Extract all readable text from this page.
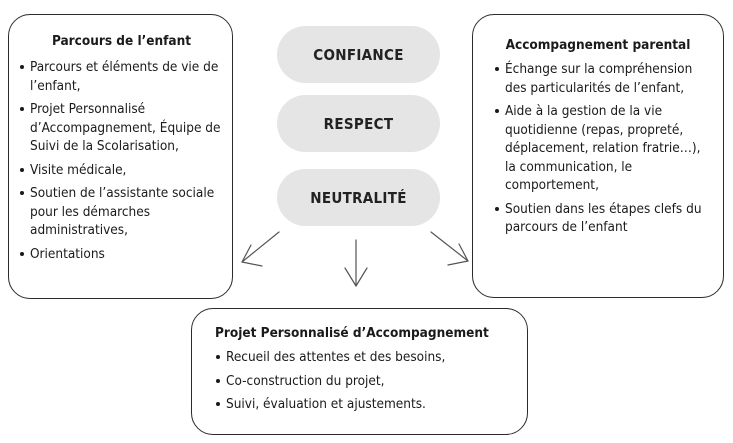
Parcours de l’enfant
Parcours et éléments de vie de l’enfant,
Projet Personnalisé d’Accompagnement, Équipe de Suivi de la Scolarisation,
Visite médicale,
Soutien de l’assistante sociale pour les démarches administratives,
Orientations
CONFIANCE
RESPECT
NEUTRALITÉ
Accompagnement parental
Échange sur la compréhension des particularités de l’enfant,
Aide à la gestion de la vie quotidienne (repas, propreté, déplacement, relation fratrie…), la communication, le comportement,
Soutien dans les étapes clefs du parcours de l’enfant
Projet Personnalisé d’Accompagnement
Recueil des attentes et des besoins,
Co-construction du projet,
Suivi, évaluation et ajustements.
